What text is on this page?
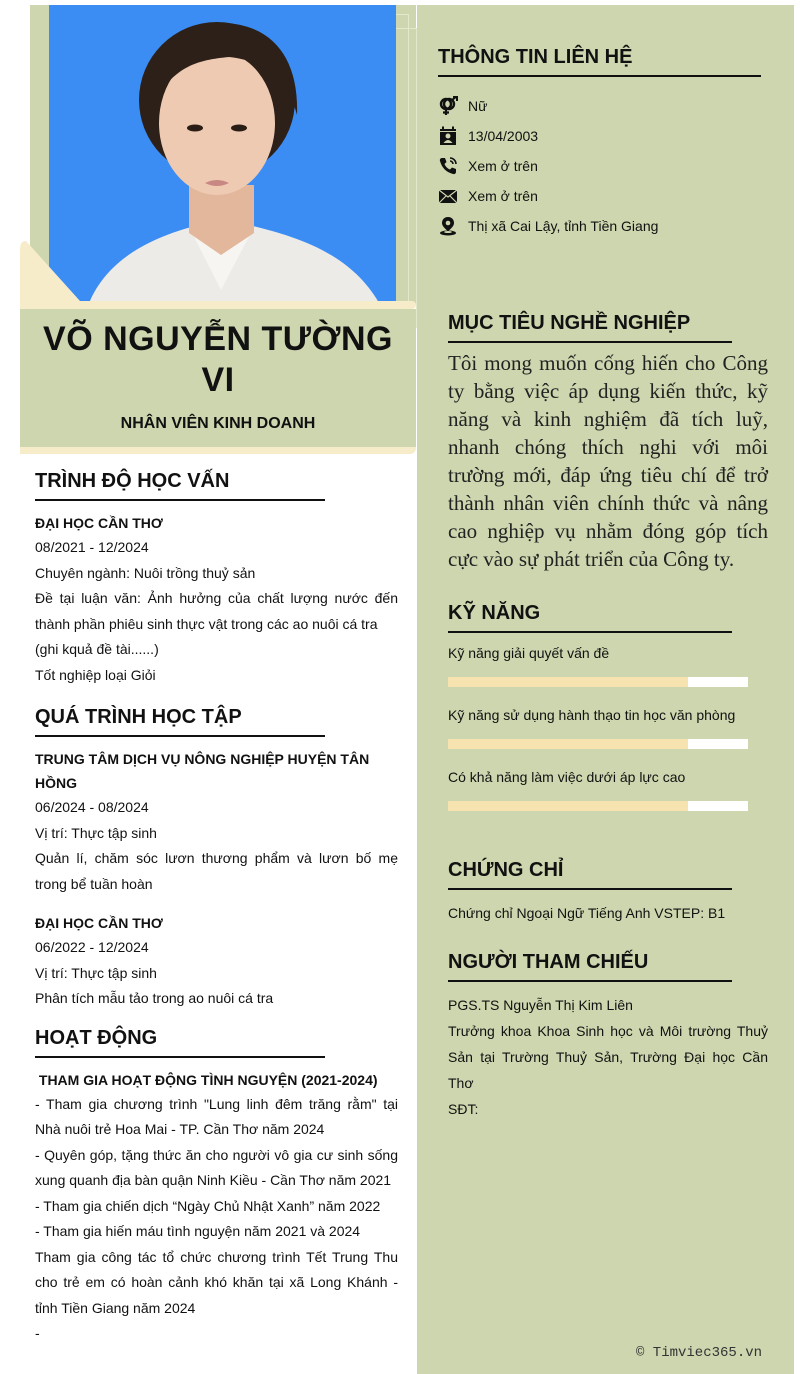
VÕ NGUYỄN TƯỜNG
VI
NHÂN VIÊN KINH DOANH
TRÌNH ĐỘ HỌC VẤN
ĐẠI HỌC CẦN THƠ
08/2021 - 12/2024
Chuyên ngành: Nuôi trồng thuỷ sản
Đề tại luận văn: Ảnh hưởng của chất lượng nước đến thành phần phiêu sinh thực vật trong các ao nuôi cá tra
(ghi kquả đề tài......)
Tốt nghiệp loại Giỏi
QUÁ TRÌNH HỌC TẬP
TRUNG TÂM DỊCH VỤ NÔNG NGHIỆP HUYỆN TÂN HỒNG
06/2024 - 08/2024
Vị trí: Thực tập sinh
Quản lí, chăm sóc lươn thương phẩm và lươn bố mẹ trong bể tuần hoàn
ĐẠI HỌC CẦN THƠ
06/2022 - 12/2024
Vị trí: Thực tập sinh
Phân tích mẫu tảo trong ao nuôi cá tra
HOẠT ĐỘNG
THAM GIA HOẠT ĐỘNG TÌNH NGUYỆN (2021-2024)
- Tham gia chương trình "Lung linh đêm trăng rằm" tại Nhà nuôi trẻ Hoa Mai - TP. Cần Thơ năm 2024
- Quyên góp, tặng thức ăn cho người vô gia cư sinh sống xung quanh địa bàn quận Ninh Kiều - Cần Thơ năm 2021
- Tham gia chiến dịch “Ngày Chủ Nhật Xanh” năm 2022
- Tham gia hiến máu tình nguyện năm 2021 và 2024
Tham gia công tác tổ chức chương trình Tết Trung Thu cho trẻ em có hoàn cảnh khó khăn tại xã Long Khánh - tỉnh Tiền Giang năm 2024
-
THÔNG TIN LIÊN HỆ
Nữ
13/04/2003
Xem ở trên
Xem ở trên
Thị xã Cai Lậy, tỉnh Tiền Giang
MỤC TIÊU NGHỀ NGHIỆP
Tôi mong muốn cống hiến cho Công ty bằng việc áp dụng kiến thức, kỹ năng và kinh nghiệm đã tích luỹ, nhanh chóng thích nghi với môi trường mới, đáp ứng tiêu chí để trở thành nhân viên chính thức và nâng cao nghiệp vụ nhằm đóng góp tích cực vào sự phát triển của Công ty.
KỸ NĂNG
Kỹ năng giải quyết vấn đề
Kỹ năng sử dụng hành thạo tin học văn phòng
Có khả năng làm việc dưới áp lực cao
CHỨNG CHỈ
Chứng chỉ Ngoại Ngữ Tiếng Anh VSTEP: B1
NGƯỜI THAM CHIẾU
PGS.TS Nguyễn Thị Kim Liên
Trưởng khoa Khoa Sinh học và Môi trường Thuỷ Sản tại Trường Thuỷ Sản, Trường Đại học Cần Thơ
SĐT:
© Timviec365.vn
